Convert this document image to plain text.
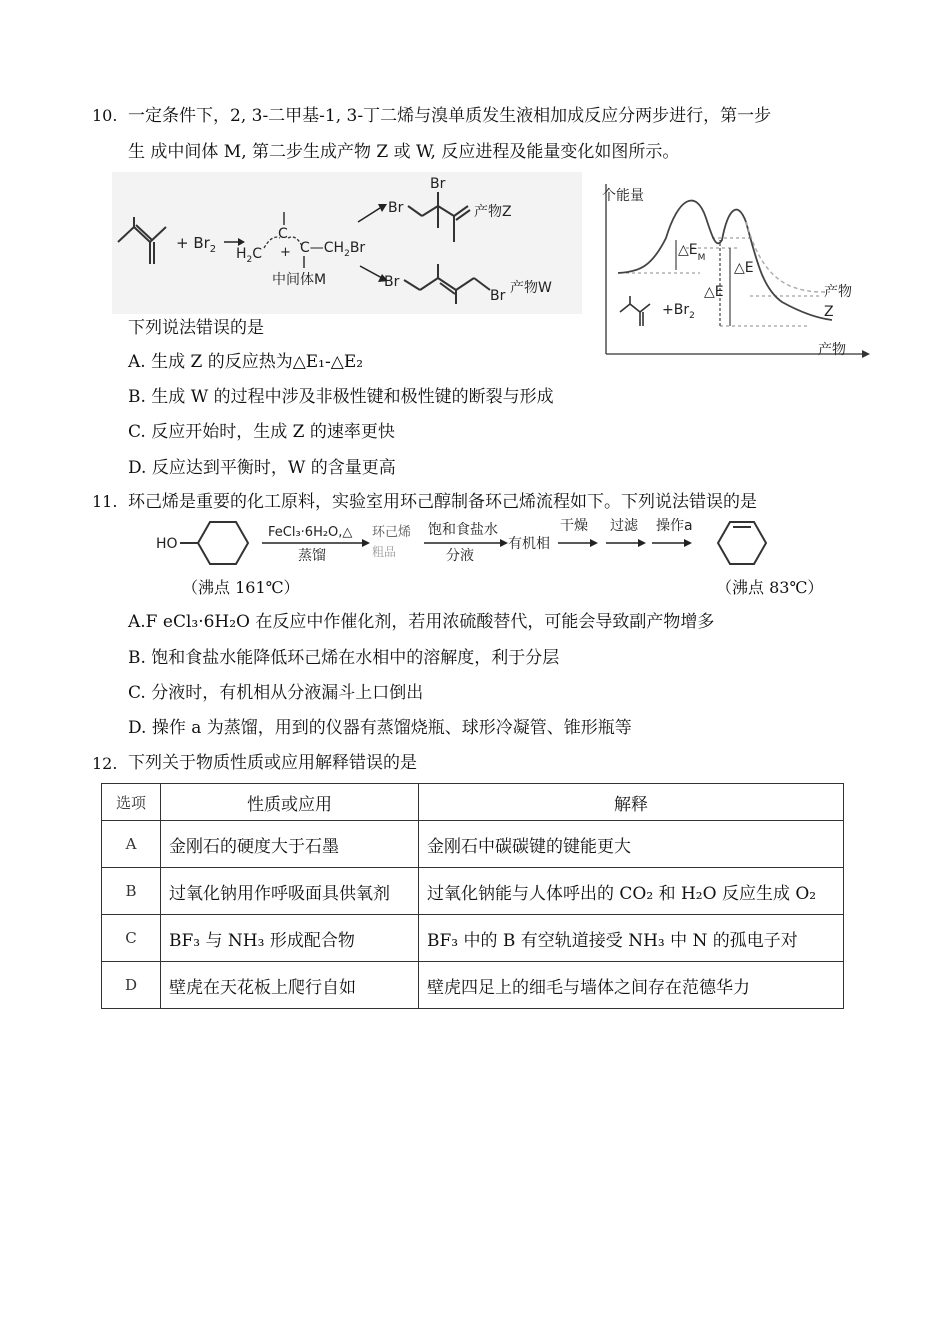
10. 一定条件下，2, 3-二甲基-1, 3-丁二烯与溴单质发生液相加成反应分两步进行，第一步
生 成中间体 M, 第二步生成产物 Z 或 W, 反应进程及能量变化如图所示。
+ $Br_2$ $H_2C$
C
+ $C—CH_2Br$
中间体M
Br
Br
产物Z
Br
Br 产物W
个能量
产物
$\triangle E_M$
△E
△E
$+Br_2$
产物
Z
下列说法错误的是
A. 生成 Z 的反应热为△E₁-△E₂
B. 生成 W 的过程中涉及非极性键和极性键的断裂与形成
C. 反应开始时，生成 Z 的速率更快
D. 反应达到平衡时，W 的含量更高
11. 环己烯是重要的化工原料，实验室用环己醇制备环己烯流程如下。下列说法错误的是
HO
FeCl₃·6H₂O,△
蒸馏
环己烯
粗品
饱和食盐水
分液
有机相
干燥 过滤 操作a
（沸点 161℃）	（沸点 83℃）
A.F eCl₃·6H₂O 在反应中作催化剂，若用浓硫酸替代，可能会导致副产物增多
B. 饱和食盐水能降低环己烯在水相中的溶解度，利于分层
C. 分液时，有机相从分液漏斗上口倒出
D. 操作 a 为蒸馏，用到的仪器有蒸馏烧瓶、球形冷凝管、锥形瓶等
12. 下列关于物质性质或应用解释错误的是
选项	性质或应用	解释
A	金刚石的硬度大于石墨	金刚石中碳碳键的键能更大
B	过氧化钠用作呼吸面具供氧剂	过氧化钠能与人体呼出的 CO₂ 和 H₂O 反应生成 O₂
C	BF₃ 与 NH₃ 形成配合物	BF₃ 中的 B 有空轨道接受 NH₃ 中 N 的孤电子对
D	壁虎在天花板上爬行自如	壁虎四足上的细毛与墙体之间存在范德华力
